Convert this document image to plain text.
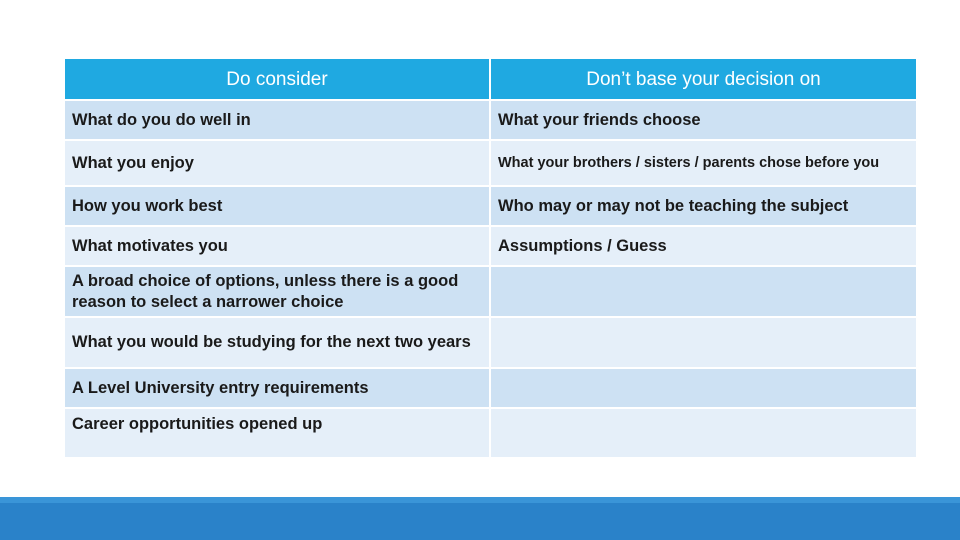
Do consider	Don’t base your decision on
What do you do well in	What your friends choose
What you enjoy	What your brothers / sisters / parents chose before you
How you work best	Who may or may not be teaching the subject
What motivates you	Assumptions / Guess
A broad choice of options, unless there is a good reason to select a narrower choice	
What you would be studying for the next two years	
A Level University entry requirements	
Career opportunities opened up	
